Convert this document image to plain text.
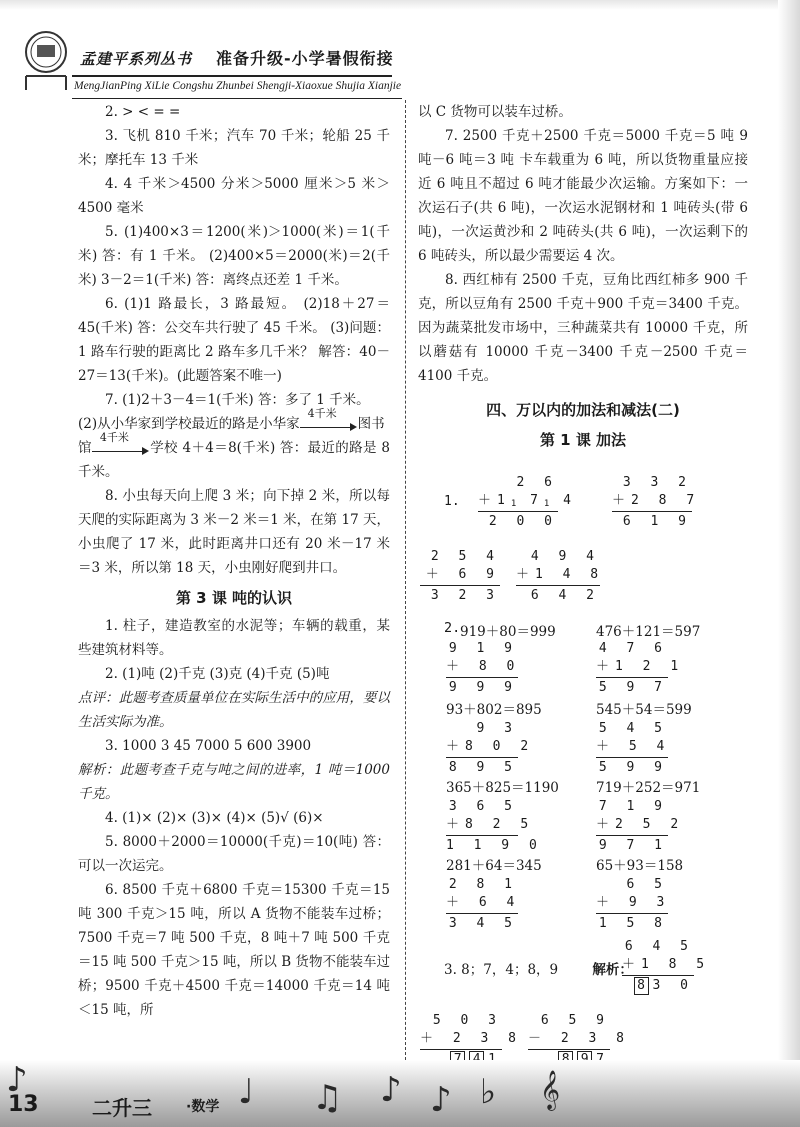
孟建平系列丛书 准备升级-小学暑假衔接
MengJianPing XiLie Congshu Zhunbei Shengji-Xiaoxue Shujia Xianjie

2. > < = =

3. 飞机 810 千米；汽车 70 千米；轮船 25 千米；摩托车 13 千米

4. 4 千米＞4500 分米＞5000 厘米＞5 米＞4500 毫米

5. (1)400×3＝1200(米)＞1000(米)＝1(千米) 答：有 1 千米。 (2)400×5＝2000(米)＝2(千米) 3－2＝1(千米) 答：离终点还差 1 千米。

6. (1)1 路最长，3 路最短。 (2)18＋27＝45(千米) 答：公交车共行驶了 45 千米。 (3)问题：1 路车行驶的距离比 2 路车多几千米？ 解答：40－27＝13(千米)。(此题答案不唯一)

7. (1)2＋3－4＝1(千米) 答：多了 1 千米。

(2)从小华家到学校最近的路是小华家
4千米
图书

馆
4千米
学校 4＋4＝8(千米) 答：最近的路是 8 千米。

8. 小虫每天向上爬 3 米；向下掉 2 米，所以每天爬的实际距离为 3 米－2 米＝1 米，在第 17 天，小虫爬了 17 米，此时距离井口还有 20 米－17 米＝3 米，所以第 18 天，小虫刚好爬到井口。

第 3 课 吨的认识

1. 柱子，建造教室的水泥等；车辆的载重，某些建筑材料等。

2. (1)吨 (2)千克 (3)克 (4)千克 (5)吨

点评：此题考查质量单位在实际生活中的应用，要以生活实际为准。

3. 1000 3 45 7000 5 600 3900

解析：此题考查千克与吨之间的进率，1 吨＝1000 千克。

4. (1)× (2)× (3)× (4)× (5)√ (6)×

5. 8000＋2000＝10000(千克)＝10(吨) 答：可以一次运完。

6. 8500 千克＋6800 千克＝15300 千克＝15 吨 300 千克＞15 吨，所以 A 货物不能装车过桥；7500 千克＝7 吨 500 千克，8 吨＋7 吨 500 千克＝15 吨 500 千克＞15 吨，所以 B 货物不能装车过桥；9500 千克＋4500 千克＝14000 千克＝14 吨＜15 吨，所

以 C 货物可以装车过桥。

7. 2500 千克＋2500 千克＝5000 千克＝5 吨 9 吨－6 吨＝3 吨 卡车载重为 6 吨，所以货物重量应接近 6 吨且不超过 6 吨才能最少次运输。方案如下：一次运石子(共 6 吨)，一次运水泥钢材和 1 吨砖头(带 6 吨)，一次运黄沙和 2 吨砖头(共 6 吨)，一次运剩下的 6 吨砖头，所以最少需要运 4 次。

8. 西红柿有 2500 千克，豆角比西红柿多 900 千克，所以豆角有 2500 千克＋900 千克＝3400 千克。因为蔬菜批发市场中，三种蔬菜共有 10000 千克，所以蘑菇有 10000 千克－3400 千克－2500 千克＝4100 千克。

四、万以内的加法和减法(二)
第 1 课 加法
1.
2 6
$+1_1$ $7_1$ 4
2 0 0
3 3 2
＋2 8 7
6 1 9
2 5 4
＋ 6 9
3 2 3
4 9 4
＋1 4 8
6 4 2
2. 919＋80＝999	476＋121＝597
9 1 9
＋ 8 0
9 9 9
4 7 6
＋1 2 1
5 9 7
93＋802＝895	545＋54＝599
9 3
＋8 0 2
8 9 5
5 4 5
＋ 5 4
5 9 9
365＋825＝1190	719＋252＝971
3 6 5
＋8 2 5
1 1 9 0
7 1 9
＋2 5 2
9 7 1
281＋64＝345	65＋93＝158
2 8 1
＋ 6 4
3 4 5
6 5
＋ 9 3
1 5 8
6 4 5
＋1 8 5
8 3 0
3. 8；7，4；8，9	解析：
5 0 3
＋ 2 3 8
6 5 9
－ 2 3 8
♪	♩ ♫ ♪ ♪ ♭ 𝄞
13	二升三 ·数学
